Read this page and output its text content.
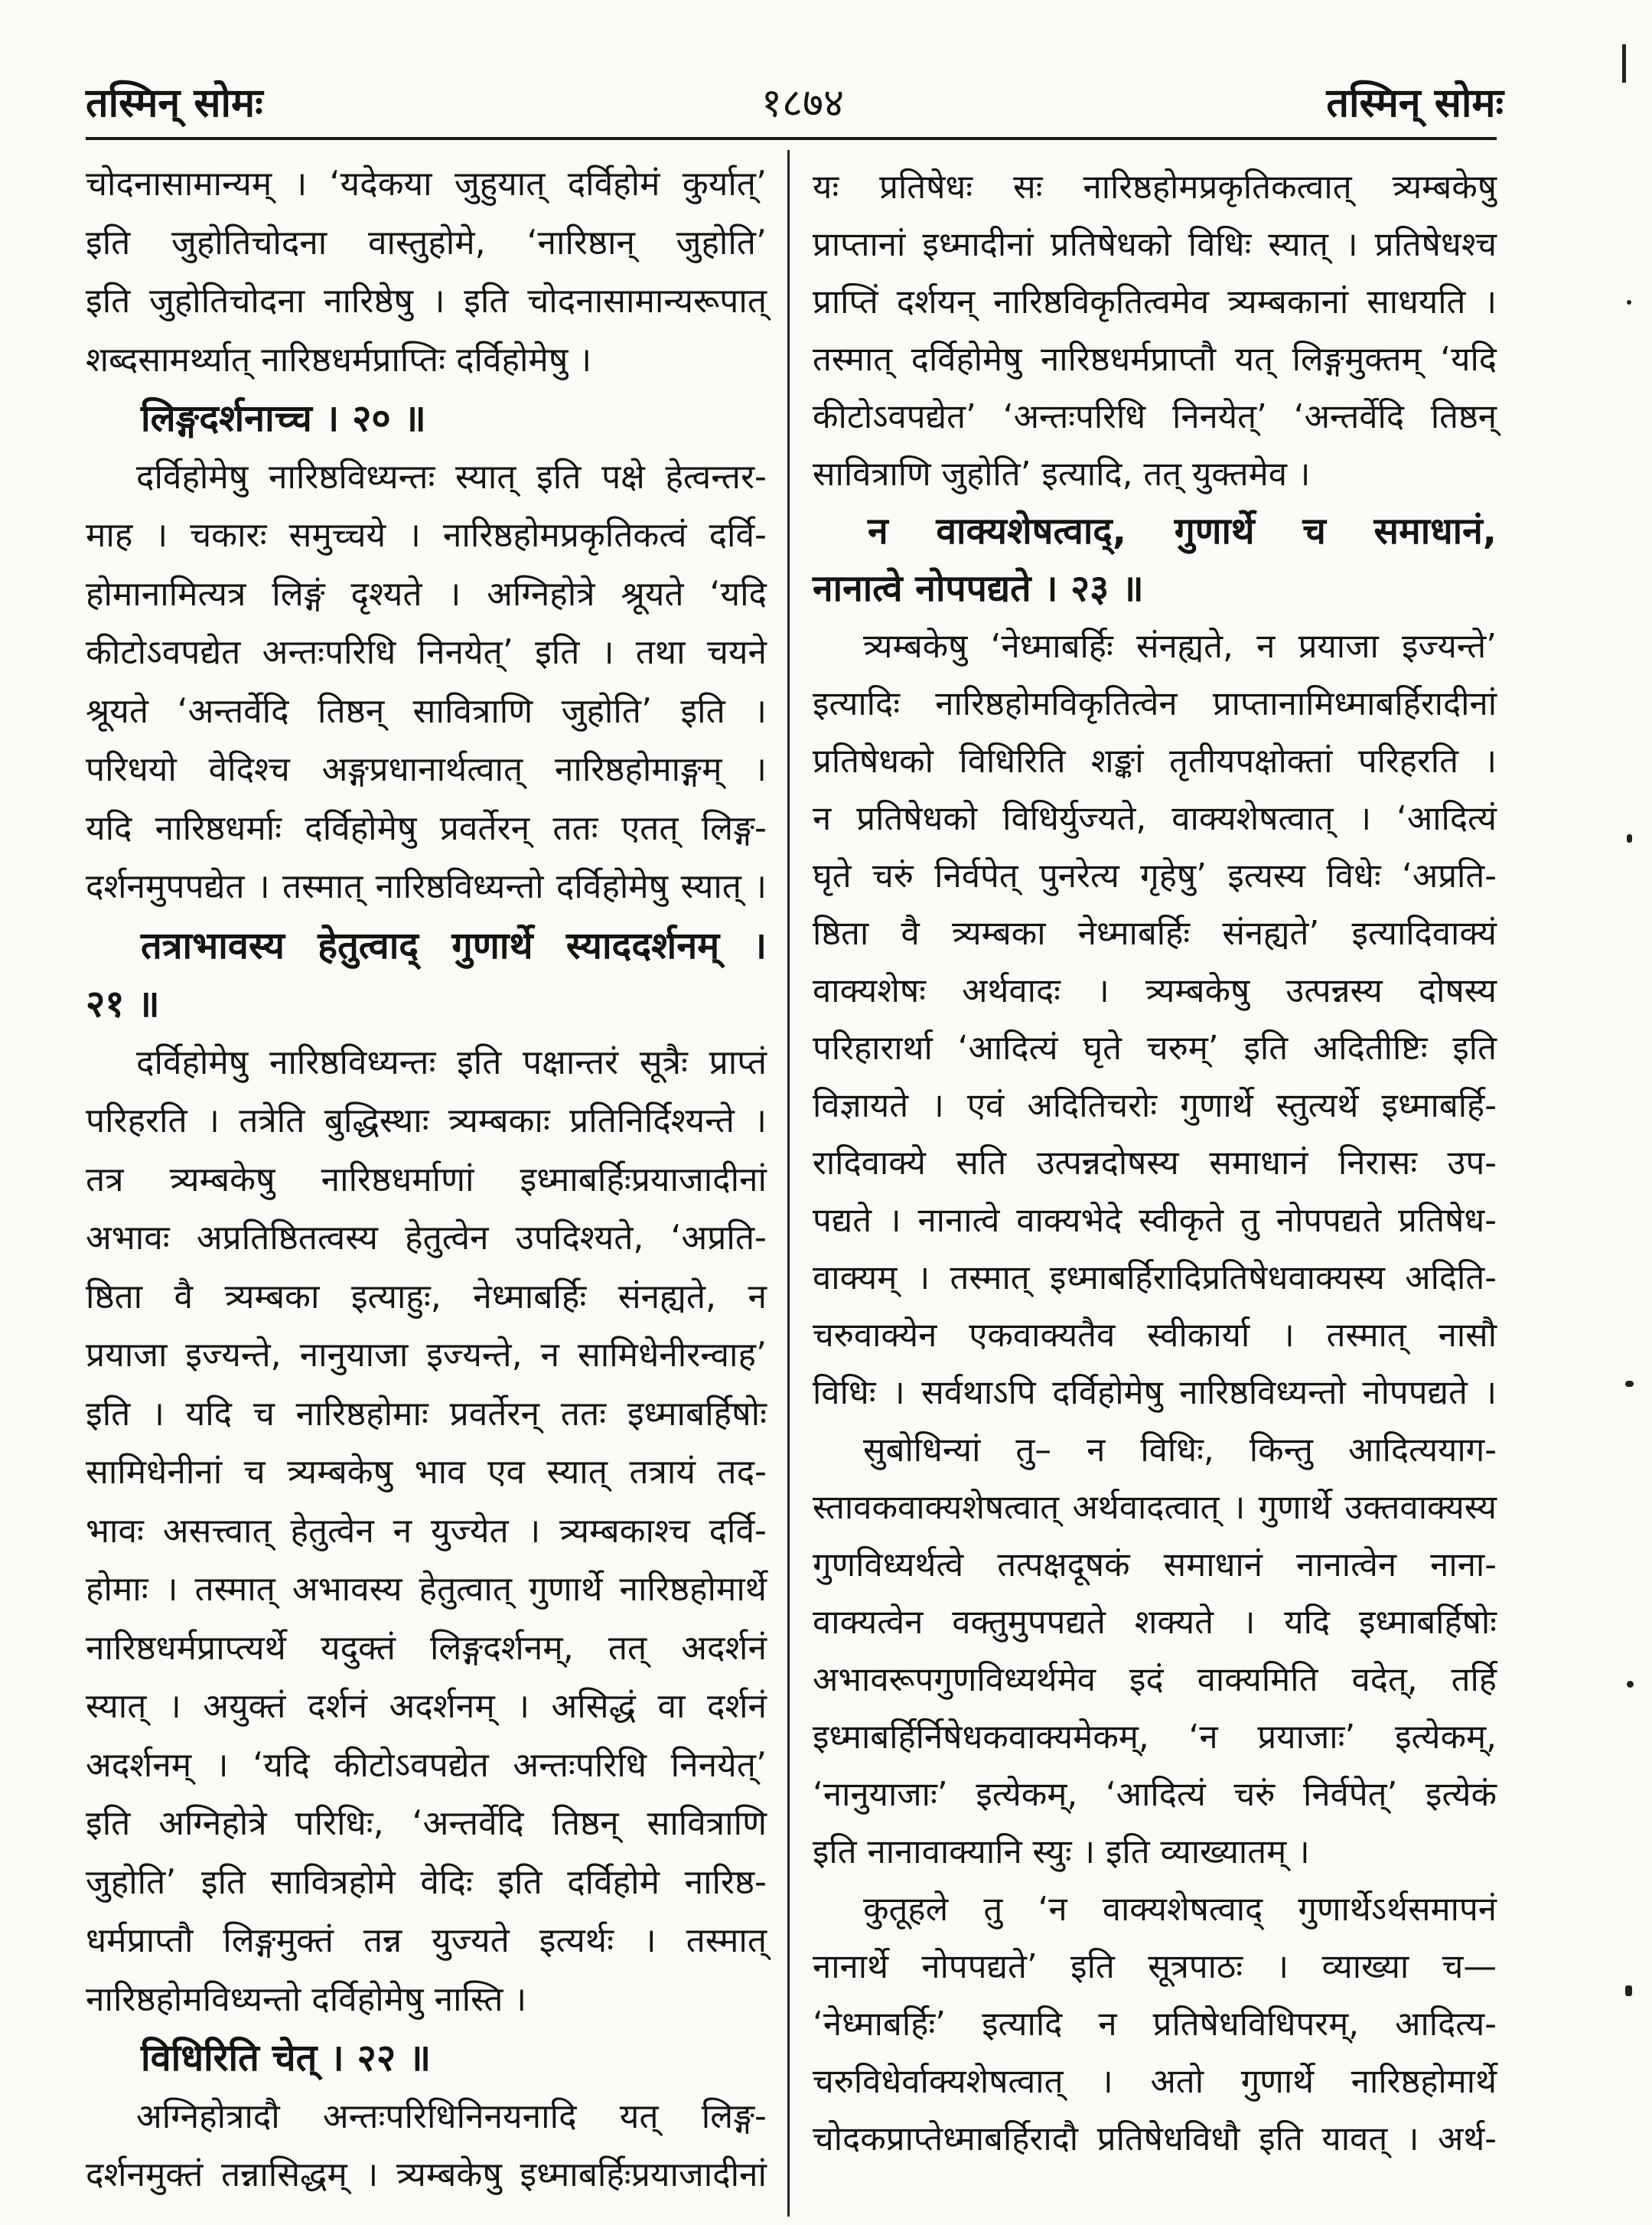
तस्मिन् सोमः	१८७४	तस्मिन् सोमः
चोदनासामान्यम् । ‘यदेकया जुहुयात् दर्विहोमं कुर्यात्’
इति जुहोतिचोदना वास्तुहोमे, ‘नारिष्ठान् जुहोति’
इति जुहोतिचोदना नारिष्ठेषु । इति चोदनासामान्यरूपात्
शब्दसामर्थ्यात् नारिष्ठधर्मप्राप्तिः दर्विहोमेषु ।
लिङ्गदर्शनाच्च । २० ॥
दर्विहोमेषु नारिष्ठविध्यन्तः स्यात् इति पक्षे हेत्वन्तर-
माह । चकारः समुच्चये । नारिष्ठहोमप्रकृतिकत्वं दर्वि-
होमानामित्यत्र लिङ्गं दृश्यते । अग्निहोत्रे श्रूयते ‘यदि
कीटोऽवपद्येत अन्तःपरिधि निनयेत्’ इति । तथा चयने
श्रूयते ‘अन्तर्वेदि तिष्ठन् सावित्राणि जुहोति’ इति ।
परिधयो वेदिश्च अङ्गप्रधानार्थत्वात् नारिष्ठहोमाङ्गम् ।
यदि नारिष्ठधर्माः दर्विहोमेषु प्रवर्तेरन् ततः एतत् लिङ्ग-
दर्शनमुपपद्येत । तस्मात् नारिष्ठविध्यन्तो दर्विहोमेषु स्यात् ।
तत्राभावस्य हेतुत्वाद् गुणार्थे स्याददर्शनम् ।
२१ ॥
दर्विहोमेषु नारिष्ठविध्यन्तः इति पक्षान्तरं सूत्रैः प्राप्तं
परिहरति । तत्रेति बुद्धिस्थाः त्र्यम्बकाः प्रतिनिर्दिश्यन्ते ।
तत्र त्र्यम्बकेषु नारिष्ठधर्माणां इध्माबर्हिःप्रयाजादीनां
अभावः अप्रतिष्ठितत्वस्य हेतुत्वेन उपदिश्यते, ‘अप्रति-
ष्ठिता वै त्र्यम्बका इत्याहुः, नेध्माबर्हिः संनह्यते, न
प्रयाजा इज्यन्ते, नानुयाजा इज्यन्ते, न सामिधेनीरन्वाह’
इति । यदि च नारिष्ठहोमाः प्रवर्तेरन् ततः इध्माबर्हिषोः
सामिधेनीनां च त्र्यम्बकेषु भाव एव स्यात् तत्रायं तद-
भावः असत्त्वात् हेतुत्वेन न युज्येत । त्र्यम्बकाश्च दर्वि-
होमाः । तस्मात् अभावस्य हेतुत्वात् गुणार्थे नारिष्ठहोमार्थे
नारिष्ठधर्मप्राप्त्यर्थे यदुक्तं लिङ्गदर्शनम्, तत् अदर्शनं
स्यात् । अयुक्तं दर्शनं अदर्शनम् । असिद्धं वा दर्शनं
अदर्शनम् । ‘यदि कीटोऽवपद्येत अन्तःपरिधि निनयेत्’
इति अग्निहोत्रे परिधिः, ‘अन्तर्वेदि तिष्ठन् सावित्राणि
जुहोति’ इति सावित्रहोमे वेदिः इति दर्विहोमे नारिष्ठ-
धर्मप्राप्तौ लिङ्गमुक्तं तन्न युज्यते इत्यर्थः । तस्मात्
नारिष्ठहोमविध्यन्तो दर्विहोमेषु नास्ति ।
विधिरिति चेत् । २२ ॥
अग्निहोत्रादौ अन्तःपरिधिनिनयनादि यत् लिङ्ग-
दर्शनमुक्तं तन्नासिद्धम् । त्र्यम्बकेषु इध्माबर्हिःप्रयाजादीनां
यः प्रतिषेधः सः नारिष्ठहोमप्रकृतिकत्वात् त्र्यम्बकेषु
प्राप्तानां इध्मादीनां प्रतिषेधको विधिः स्यात् । प्रतिषेधश्च
प्राप्तिं दर्शयन् नारिष्ठविकृतित्वमेव त्र्यम्बकानां साधयति ।
तस्मात् दर्विहोमेषु नारिष्ठधर्मप्राप्तौ यत् लिङ्गमुक्तम् ‘यदि
कीटोऽवपद्येत’ ‘अन्तःपरिधि निनयेत्’ ‘अन्तर्वेदि तिष्ठन्
सावित्राणि जुहोति’ इत्यादि, तत् युक्तमेव ।
न वाक्यशेषत्वाद्, गुणार्थे च समाधानं,
नानात्वे नोपपद्यते । २३ ॥
त्र्यम्बकेषु ‘नेध्माबर्हिः संनह्यते, न प्रयाजा इज्यन्ते’
इत्यादिः नारिष्ठहोमविकृतित्वेन प्राप्तानामिध्माबर्हिरादीनां
प्रतिषेधको विधिरिति शङ्कां तृतीयपक्षोक्तां परिहरति ।
न प्रतिषेधको विधिर्युज्यते, वाक्यशेषत्वात् । ‘आदित्यं
घृते चरुं निर्वपेत् पुनरेत्य गृहेषु’ इत्यस्य विधेः ‘अप्रति-
ष्ठिता वै त्र्यम्बका नेध्माबर्हिः संनह्यते’ इत्यादिवाक्यं
वाक्यशेषः अर्थवादः । त्र्यम्बकेषु उत्पन्नस्य दोषस्य
परिहारार्था ‘आदित्यं घृते चरुम्’ इति अदितीष्टिः इति
विज्ञायते । एवं अदितिचरोः गुणार्थे स्तुत्यर्थे इध्माबर्हि-
रादिवाक्ये सति उत्पन्नदोषस्य समाधानं निरासः उप-
पद्यते । नानात्वे वाक्यभेदे स्वीकृते तु नोपपद्यते प्रतिषेध-
वाक्यम् । तस्मात् इध्माबर्हिरादिप्रतिषेधवाक्यस्य अदिति-
चरुवाक्येन एकवाक्यतैव स्वीकार्या । तस्मात् नासौ
विधिः । सर्वथाऽपि दर्विहोमेषु नारिष्ठविध्यन्तो नोपपद्यते ।
सुबोधिन्यां तु– न विधिः, किन्तु आदित्ययाग-
स्तावकवाक्यशेषत्वात् अर्थवादत्वात् । गुणार्थे उक्तवाक्यस्य
गुणविध्यर्थत्वे तत्पक्षदूषकं समाधानं नानात्वेन नाना-
वाक्यत्वेन वक्तुमुपपद्यते शक्यते । यदि इध्माबर्हिषोः
अभावरूपगुणविध्यर्थमेव इदं वाक्यमिति वदेत्, तर्हि
इध्माबर्हिर्निषेधकवाक्यमेकम्, ‘न प्रयाजाः’ इत्येकम्,
‘नानुयाजाः’ इत्येकम्, ‘आदित्यं चरुं निर्वपेत्’ इत्येकं
इति नानावाक्यानि स्युः । इति व्याख्यातम् ।
कुतूहले तु ‘न वाक्यशेषत्वाद् गुणार्थेऽर्थसमापनं
नानार्थे नोपपद्यते’ इति सूत्रपाठः । व्याख्या च—
‘नेध्माबर्हिः’ इत्यादि न प्रतिषेधविधिपरम्, आदित्य-
चरुविधेर्वाक्यशेषत्वात् । अतो गुणार्थे नारिष्ठहोमार्थे
चोदकप्राप्तेध्माबर्हिरादौ प्रतिषेधविधौ इति यावत् । अर्थ-
